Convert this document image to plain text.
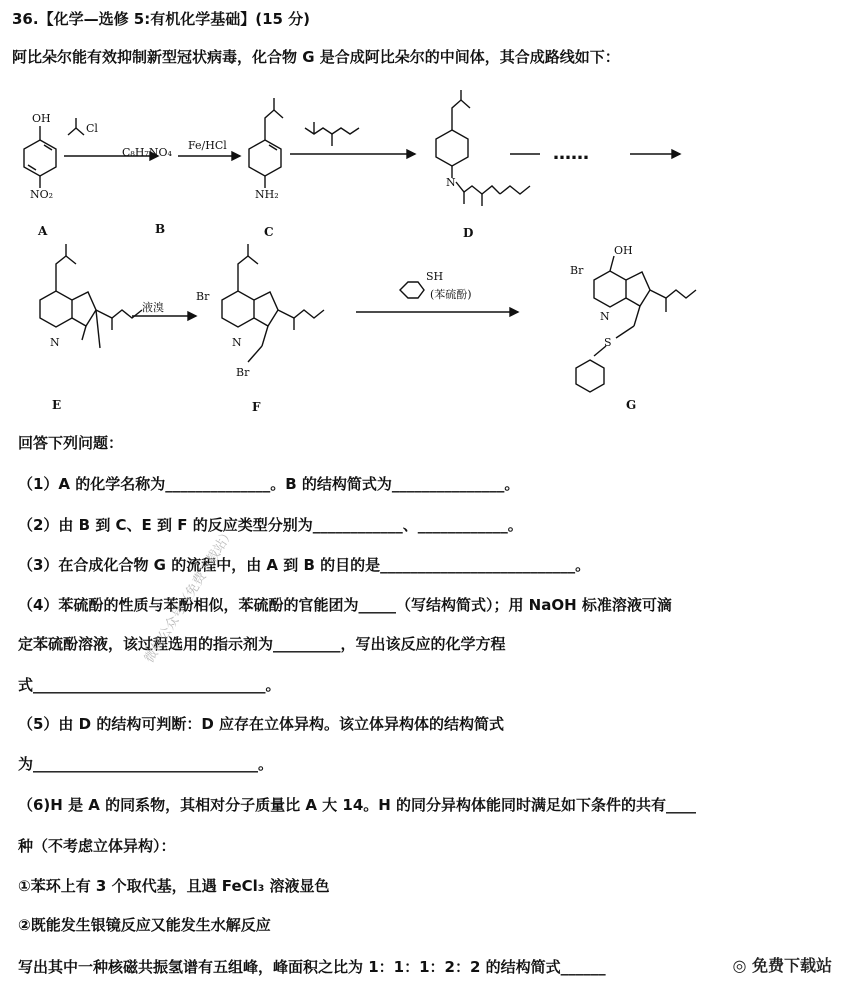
36.【化学—选修 5:有机化学基础】(15 分)
阿比朵尔能有效抑制新型冠状病毒，化合物 G 是合成阿比朵尔的中间体，其合成路线如下：
OH
NO₂
Cl
C₈H₇NO₄
Fe/HCl
NH₂
N
……
N
液溴
Br
N
Br
SH
(苯硫酚)
OH
Br
N
S
A	B	C	D
E	F	G
回答下列问题：
（1）A 的化学名称为______________。B 的结构简式为_______________。
（2）由 B 到 C、E 到 F 的反应类型分别为____________、____________。
（3）在合成化合物 G 的流程中，由 A 到 B 的目的是__________________________。
（4）苯硫酚的性质与苯酚相似，苯硫酚的官能团为_____（写结构简式）；用 NaOH 标准溶液可滴
定苯硫酚溶液，该过程选用的指示剂为_________，写出该反应的化学方程
式_______________________________。
（5）由 D 的结构可判断：D 应存在立体异构。该立体异构体的结构简式
为______________________________。
（6)H 是 A 的同系物，其相对分子质量比 A 大 14。H 的同分异构体能同时满足如下条件的共有____
种（不考虑立体异构）：
①苯环上有 3 个取代基，且遇 FeCl₃ 溶液显色
②既能发生银镜反应又能发生水解反应
写出其中一种核磁共振氢谱有五组峰，峰面积之比为 1：1：1：2：2 的结构简式______
微信公众号（免费下载站）
◎ 免费下载站
